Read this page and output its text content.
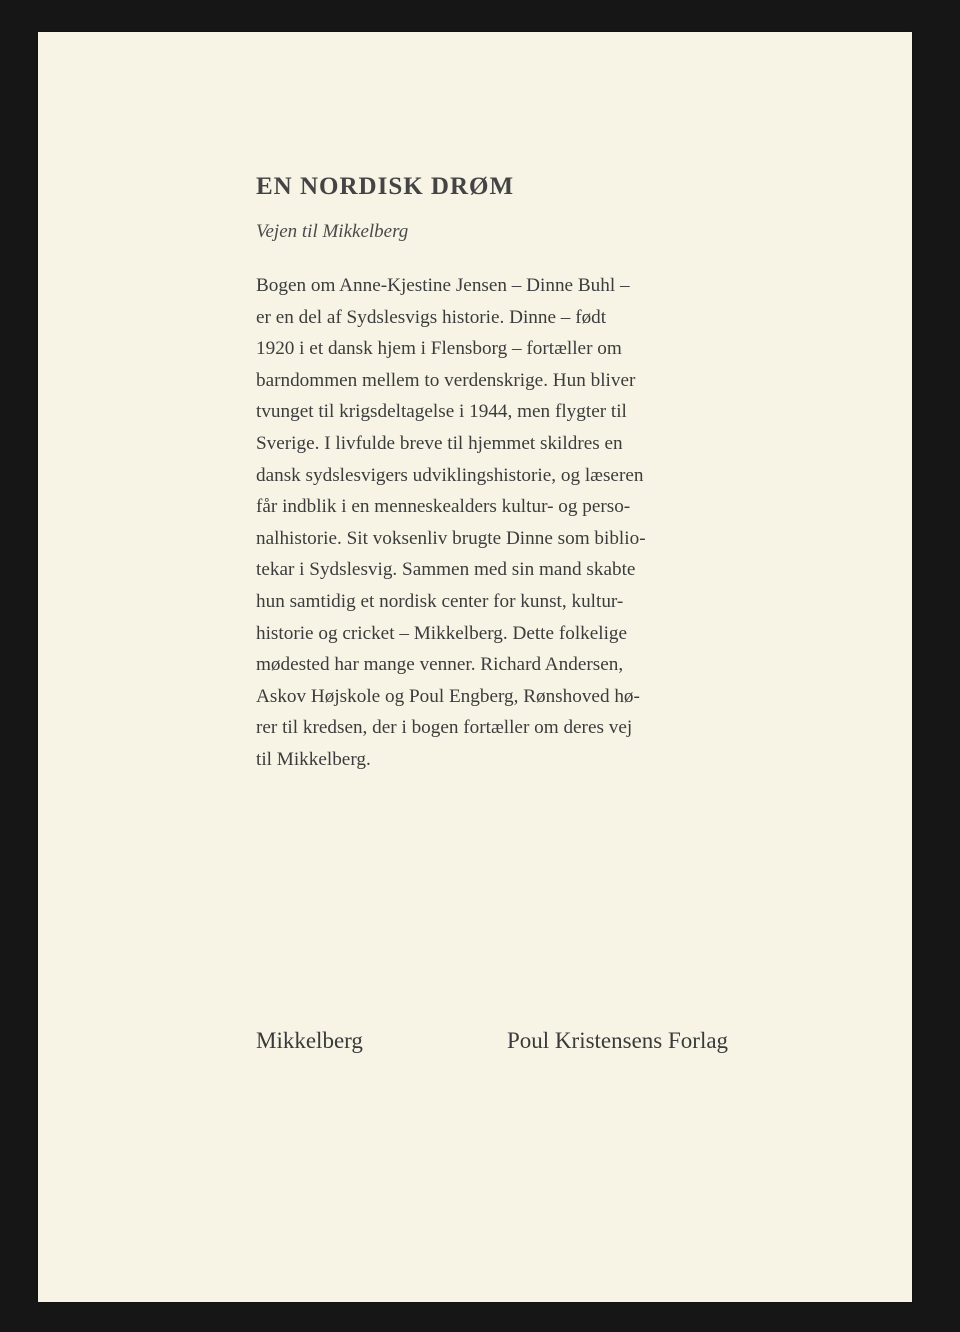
EN NORDISK DRØM
Vejen til Mikkelberg
Bogen om Anne-Kjestine Jensen – Dinne Buhl –
er en del af Sydslesvigs historie. Dinne – født
1920 i et dansk hjem i Flensborg – fortæller om
barndommen mellem to verdenskrige. Hun bliver
tvunget til krigsdeltagelse i 1944, men flygter til
Sverige. I livfulde breve til hjemmet skildres en
dansk sydslesvigers udviklingshistorie, og læseren
får indblik i en menneskealders kultur- og perso-
nalhistorie. Sit voksenliv brugte Dinne som biblio-
tekar i Sydslesvig. Sammen med sin mand skabte
hun samtidig et nordisk center for kunst, kultur-
historie og cricket – Mikkelberg. Dette folkelige
mødested har mange venner. Richard Andersen,
Askov Højskole og Poul Engberg, Rønshoved hø-
rer til kredsen, der i bogen fortæller om deres vej
til Mikkelberg.
Mikkelberg	Poul Kristensens Forlag
